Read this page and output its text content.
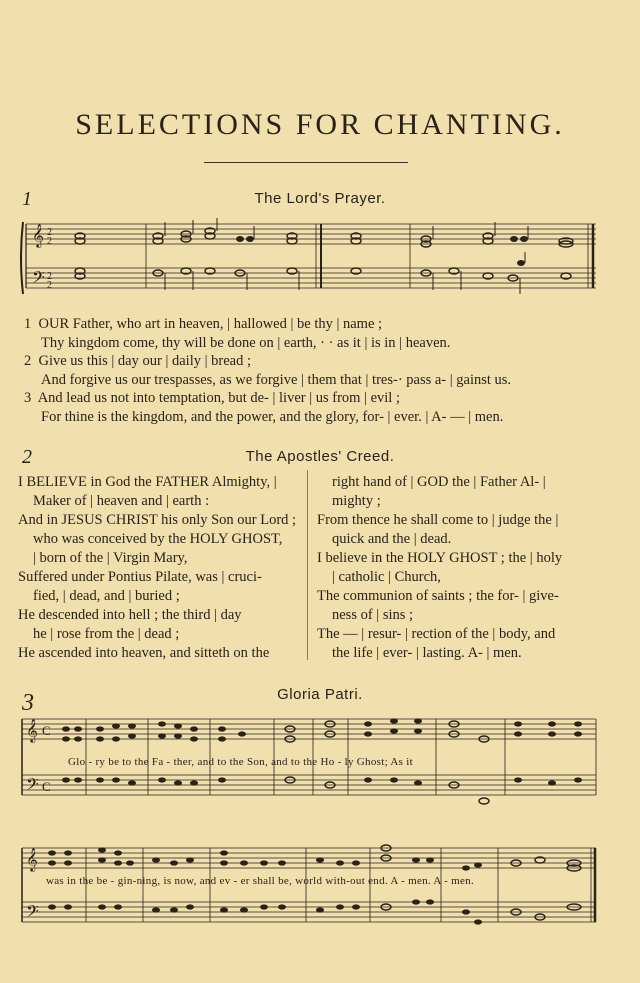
SELECTIONS FOR CHANTING.
1	The Lord's Prayer.
𝄞
𝄢
2
2
2
2
1 OUR Father, who art in heaven, | hallowed | be thy | name ;
Thy kingdom come, thy will be done on | earth, · · as it | is in | heaven.
2 Give us this | day our | daily | bread ;
And forgive us our trespasses, as we forgive | them that | tres-· pass a- | gainst us.
3 And lead us not into temptation, but de- | liver | us from | evil ;
For thine is the kingdom, and the power, and the glory, for- | ever. | A- — | men.
2	The Apostles' Creed.
I BELIEVE in God the FATHER Almighty, |
Maker of | heaven and | earth :
And in JESUS CHRIST his only Son our Lord ;
who was conceived by the HOLY GHOST,
| born of the | Virgin Mary,
Suffered under Pontius Pilate, was | cruci-
fied, | dead, and | buried ;
He descended into hell ; the third | day
he | rose from the | dead ;
He ascended into heaven, and sitteth on the
right hand of | GOD the | Father Al- |
mighty ;
From thence he shall come to | judge the |
quick and the | dead.
I believe in the HOLY GHOST ; the | holy
| catholic | Church,
The communion of saints ; the for- | give-
ness of | sins ;
The — | resur- | rection of the | body, and
the life | ever- | lasting. A- | men.
3	Gloria Patri.
𝄞 C
𝄢 C
Glo - ry be to the Fa - ther, and to the Son, and to the Ho - ly Ghost; As it
𝄞
𝄢
was in the be - gin-ning, is now, and ev - er shall be, world with-out end. A - men. A - men.
